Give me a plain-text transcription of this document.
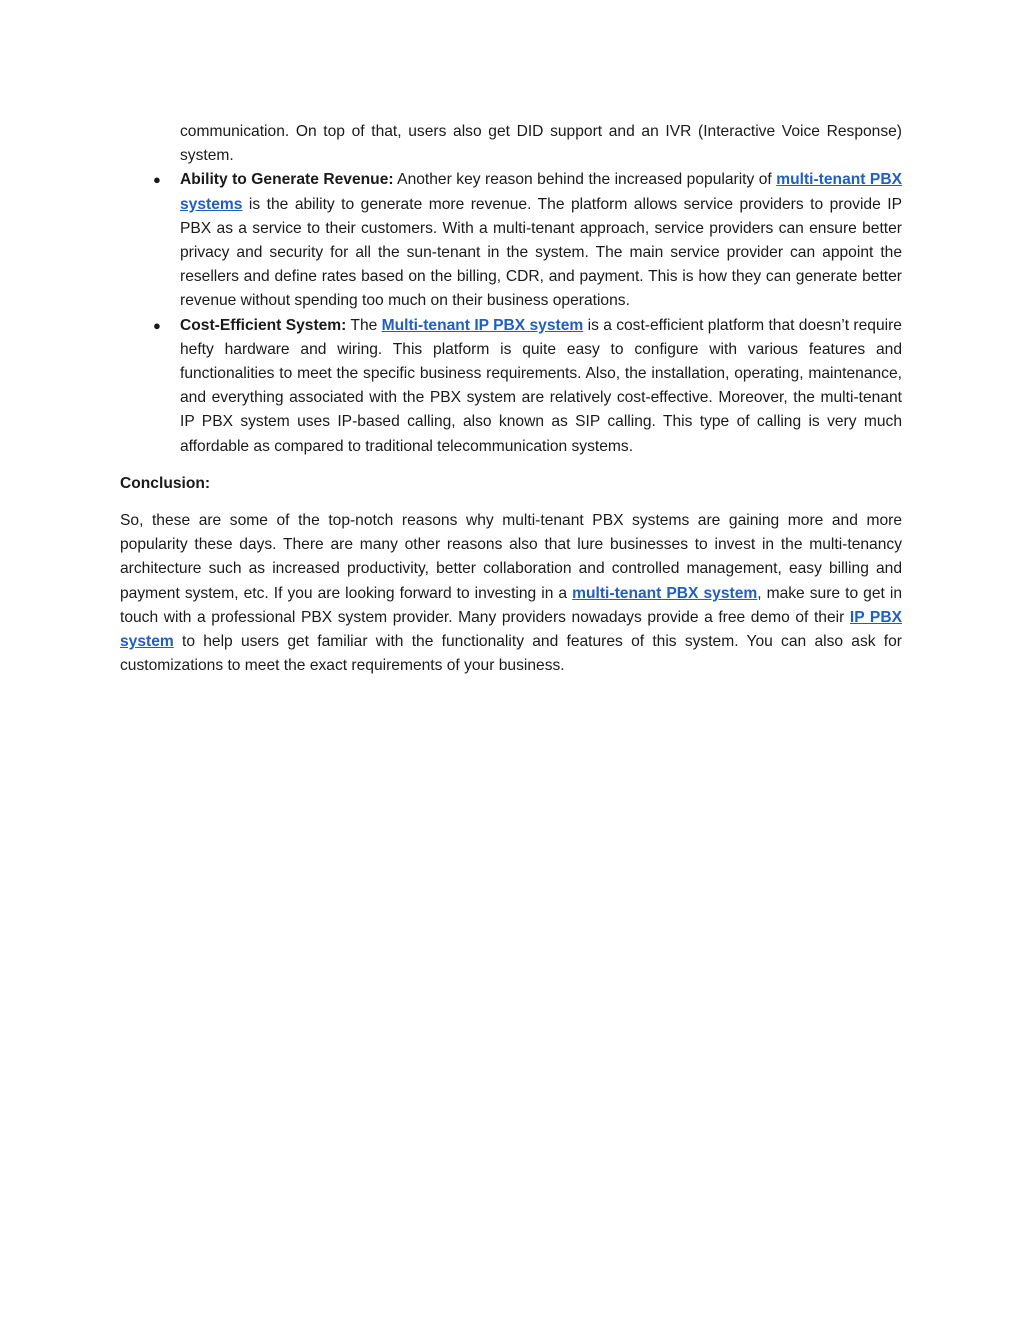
communication. On top of that, users also get DID support and an IVR (Interactive Voice Response) system.
● Ability to Generate Revenue: Another key reason behind the increased popularity of multi-tenant PBX systems is the ability to generate more revenue. The platform allows service providers to provide IP PBX as a service to their customers. With a multi-tenant approach, service providers can ensure better privacy and security for all the sun-tenant in the system. The main service provider can appoint the resellers and define rates based on the billing, CDR, and payment. This is how they can generate better revenue without spending too much on their business operations.
● Cost-Efficient System: The Multi-tenant IP PBX system is a cost-efficient platform that doesn’t require hefty hardware and wiring. This platform is quite easy to configure with various features and functionalities to meet the specific business requirements. Also, the installation, operating, maintenance, and everything associated with the PBX system are relatively cost-effective. Moreover, the multi-tenant IP PBX system uses IP-based calling, also known as SIP calling. This type of calling is very much affordable as compared to traditional telecommunication systems.
Conclusion:

So, these are some of the top-notch reasons why multi-tenant PBX systems are gaining more and more popularity these days. There are many other reasons also that lure businesses to invest in the multi-tenancy architecture such as increased productivity, better collaboration and controlled management, easy billing and payment system, etc. If you are looking forward to investing in a multi-tenant PBX system, make sure to get in touch with a professional PBX system provider. Many providers nowadays provide a free demo of their IP PBX system to help users get familiar with the functionality and features of this system. You can also ask for customizations to meet the exact requirements of your business.
